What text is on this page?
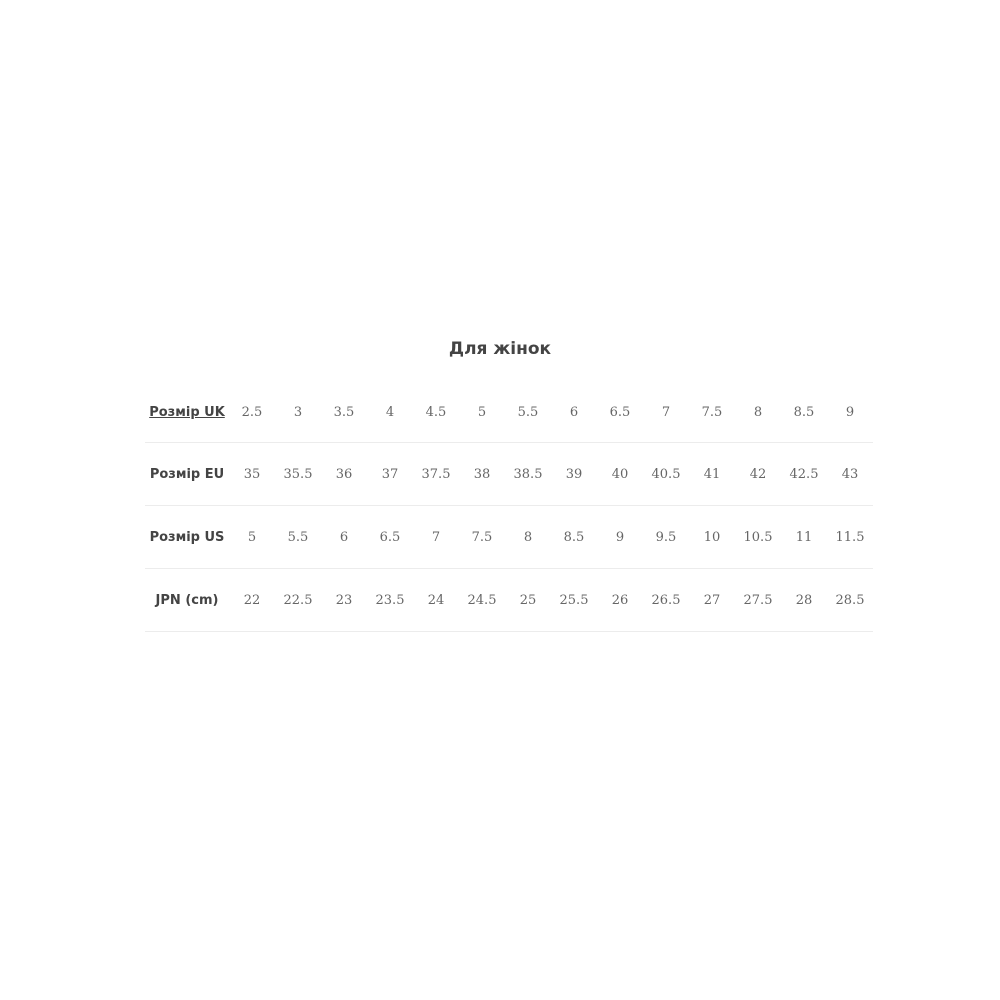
Для жінок
Розмір UK	2.5	3	3.5	4	4.5	5	5.5	6	6.5	7	7.5	8	8.5	9
Розмір EU	35	35.5	36	37	37.5	38	38.5	39	40	40.5	41	42	42.5	43
Розмір US	5	5.5	6	6.5	7	7.5	8	8.5	9	9.5	10	10.5	11	11.5
JPN (cm)	22	22.5	23	23.5	24	24.5	25	25.5	26	26.5	27	27.5	28	28.5
